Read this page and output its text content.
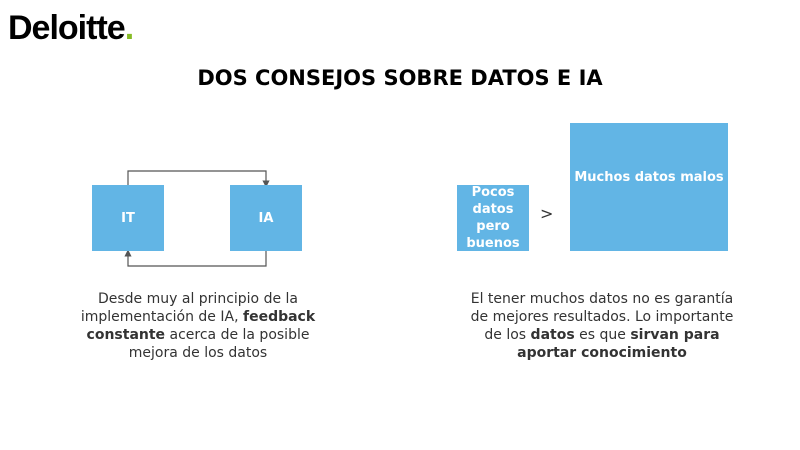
Deloitte.
DOS CONSEJOS SOBRE DATOS E IA
IT	IA
Pocos datos pero buenos
>
Muchos datos malos
Desde muy al principio de la implementación de IA, feedback constante acerca de la posible mejora de los datos
El tener muchos datos no es garantía de mejores resultados. Lo importante de los datos es que sirvan para aportar conocimiento
